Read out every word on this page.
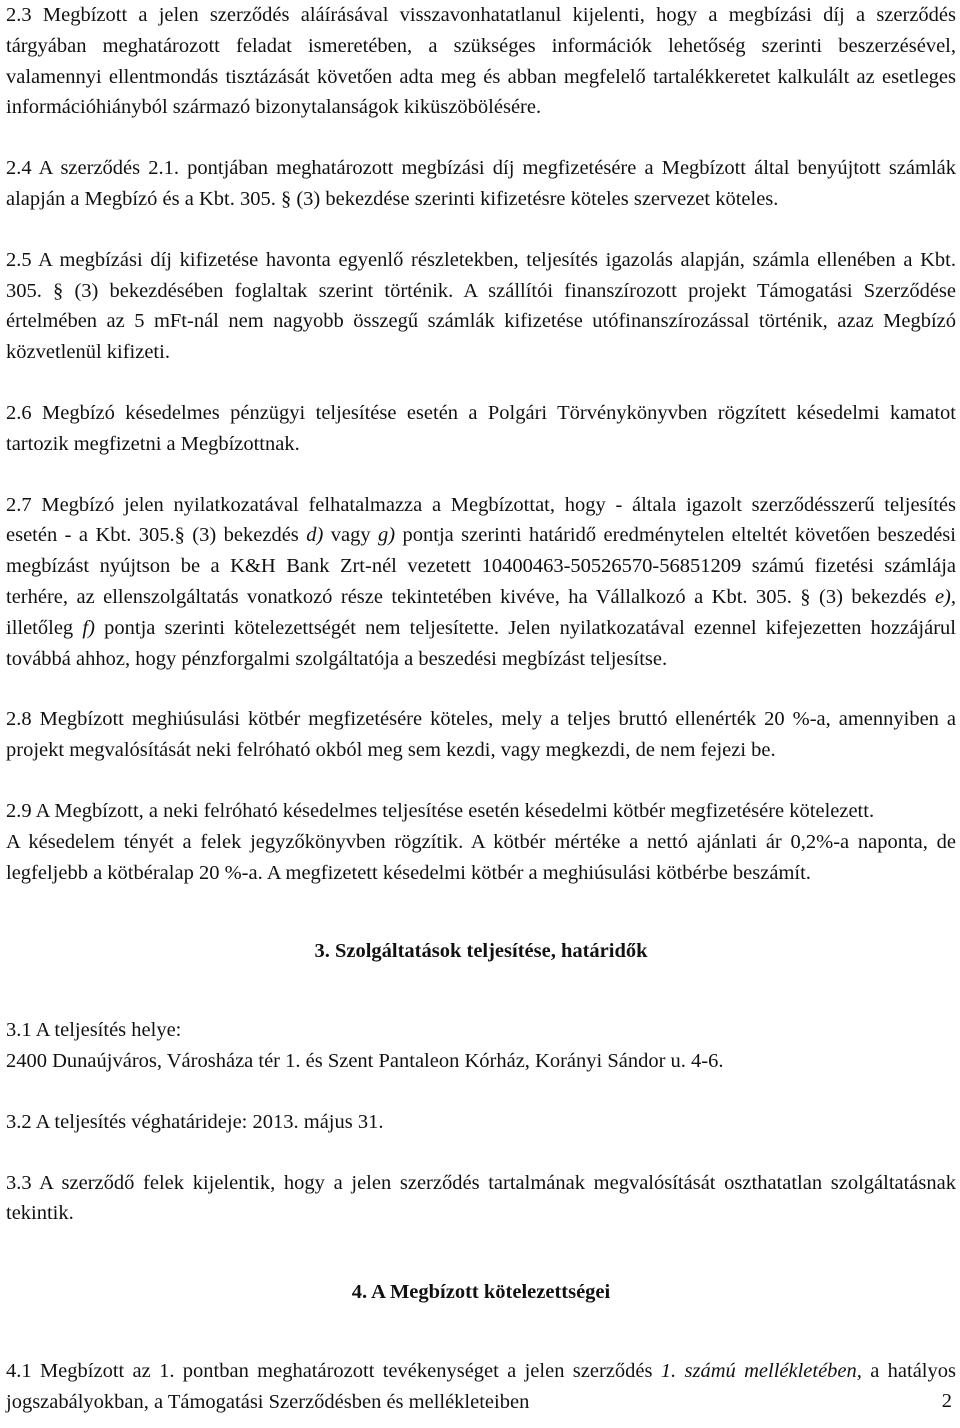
2.3 Megbízott a jelen szerződés aláírásával visszavonhatatlanul kijelenti, hogy a megbízási díj a szerződés tárgyában meghatározott feladat ismeretében, a szükséges információk lehetőség szerinti beszerzésével, valamennyi ellentmondás tisztázását követően adta meg és abban megfelelő tartalékkeretet kalkulált az esetleges információhiányból származó bizonytalanságok kiküszöbölésére.

2.4 A szerződés 2.1. pontjában meghatározott megbízási díj megfizetésére a Megbízott által benyújtott számlák alapján a Megbízó és a Kbt. 305. § (3) bekezdése szerinti kifizetésre köteles szervezet köteles.

2.5 A megbízási díj kifizetése havonta egyenlő részletekben, teljesítés igazolás alapján, számla ellenében a Kbt. 305. § (3) bekezdésében foglaltak szerint történik. A szállítói finanszírozott projekt Támogatási Szerződése értelmében az 5 mFt-nál nem nagyobb összegű számlák kifizetése utófinanszírozással történik, azaz Megbízó közvetlenül kifizeti.

2.6 Megbízó késedelmes pénzügyi teljesítése esetén a Polgári Törvénykönyvben rögzített késedelmi kamatot tartozik megfizetni a Megbízottnak.

2.7 Megbízó jelen nyilatkozatával felhatalmazza a Megbízottat, hogy - általa igazolt szerződésszerű teljesítés esetén - a Kbt. 305.§ (3) bekezdés d) vagy g) pontja szerinti határidő eredménytelen elteltét követően beszedési megbízást nyújtson be a K&H Bank Zrt-nél vezetett 10400463-50526570-56851209 számú fizetési számlája terhére, az ellenszolgáltatás vonatkozó része tekintetében kivéve, ha Vállalkozó a Kbt. 305. § (3) bekezdés e), illetőleg f) pontja szerinti kötelezettségét nem teljesítette. Jelen nyilatkozatával ezennel kifejezetten hozzájárul továbbá ahhoz, hogy pénzforgalmi szolgáltatója a beszedési megbízást teljesítse.

2.8 Megbízott meghiúsulási kötbér megfizetésére köteles, mely a teljes bruttó ellenérték 20 %-a, amennyiben a projekt megvalósítását neki felróható okból meg sem kezdi, vagy megkezdi, de nem fejezi be.

2.9 A Megbízott, a neki felróható késedelmes teljesítése esetén késedelmi kötbér megfizetésére kötelezett.

A késedelem tényét a felek jegyzőkönyvben rögzítik. A kötbér mértéke a nettó ajánlati ár 0,2%-a naponta, de legfeljebb a kötbéralap 20 %-a. A megfizetett késedelmi kötbér a meghiúsulási kötbérbe beszámít.

3. Szolgáltatások teljesítése, határidők

3.1 A teljesítés helye:

2400 Dunaújváros, Városháza tér 1. és Szent Pantaleon Kórház, Korányi Sándor u. 4-6.

3.2 A teljesítés véghatárideje: 2013. május 31.

3.3 A szerződő felek kijelentik, hogy a jelen szerződés tartalmának megvalósítását oszthatatlan szolgáltatásnak tekintik.

4. A Megbízott kötelezettségei

4.1 Megbízott az 1. pontban meghatározott tevékenységet a jelen szerződés 1. számú mellékletében, a hatályos jogszabályokban, a Támogatási Szerződésben és mellékleteiben	2
